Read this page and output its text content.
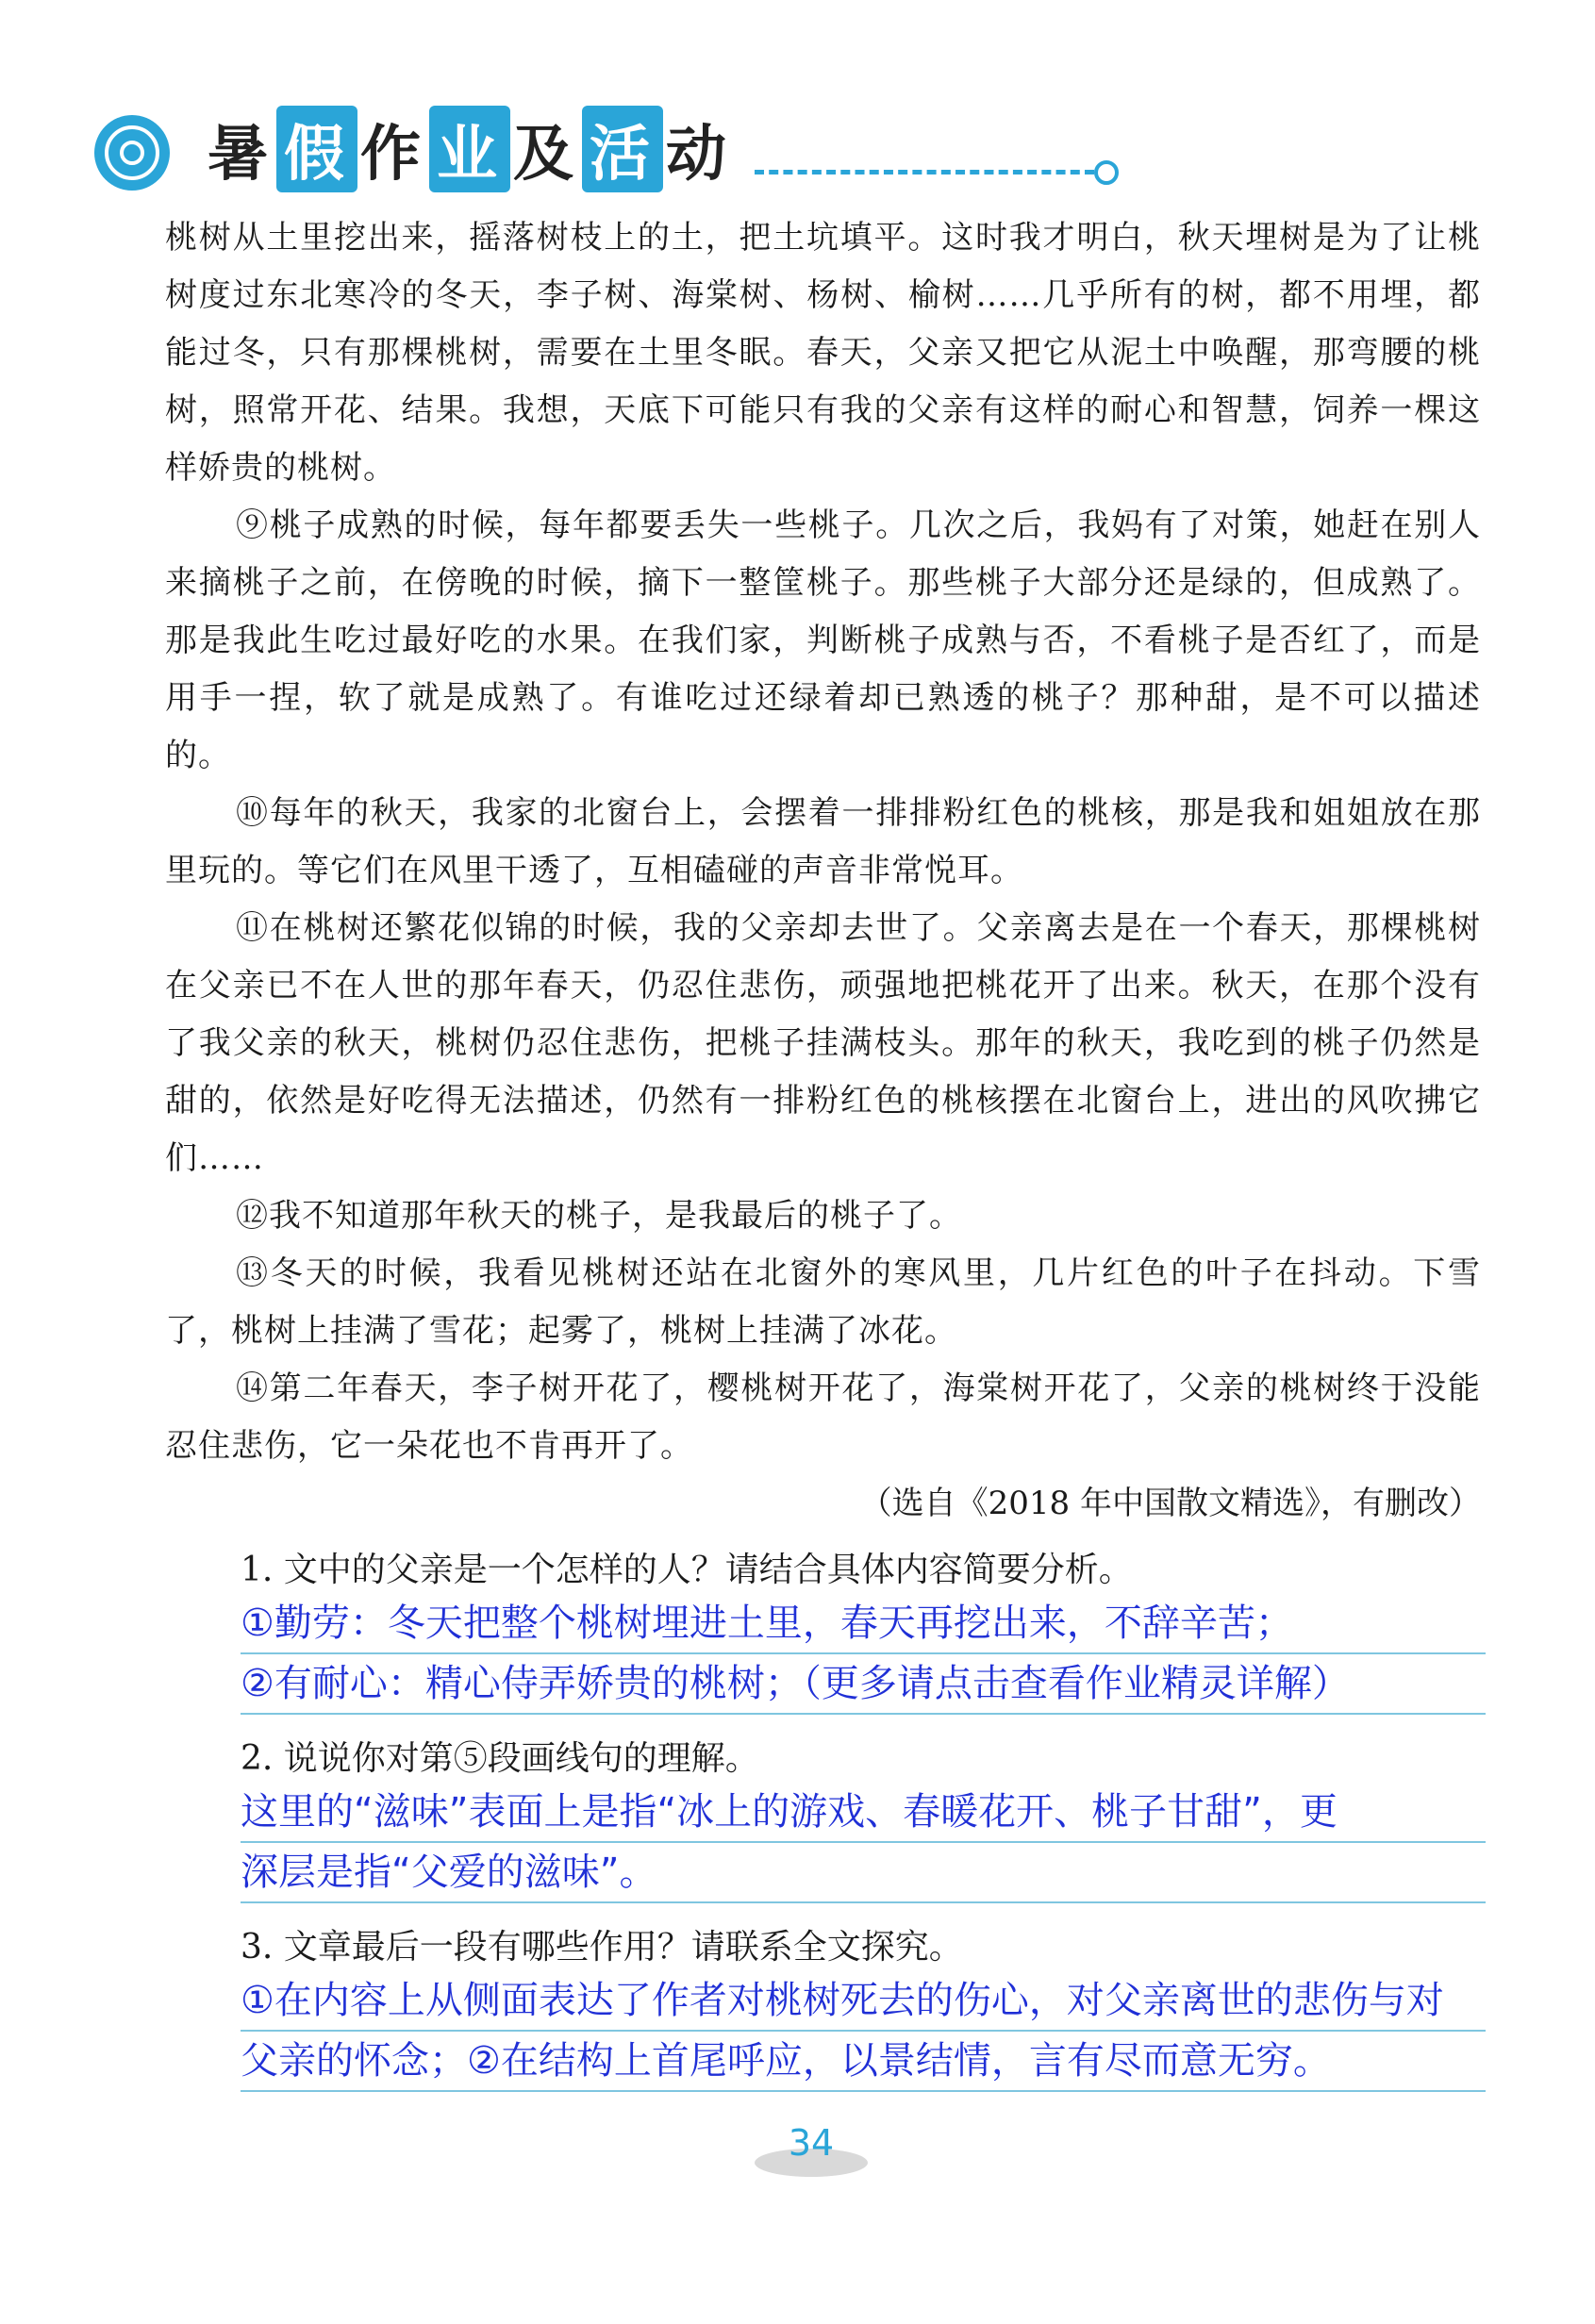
暑 假 作 业 及 活 动

桃树从土里挖出来，摇落树枝上的土，把土坑填平。这时我才明白，秋天埋树是为了让桃树度过东北寒冷的冬天，李子树、海棠树、杨树、榆树……几乎所有的树，都不用埋，都能过冬，只有那棵桃树，需要在土里冬眠。春天，父亲又把它从泥土中唤醒，那弯腰的桃树，照常开花、结果。我想，天底下可能只有我的父亲有这样的耐心和智慧，饲养一棵这样娇贵的桃树。

⑨桃子成熟的时候，每年都要丢失一些桃子。几次之后，我妈有了对策，她赶在别人来摘桃子之前，在傍晚的时候，摘下一整筐桃子。那些桃子大部分还是绿的，但成熟了。那是我此生吃过最好吃的水果。在我们家，判断桃子成熟与否，不看桃子是否红了，而是用手一捏，软了就是成熟了。有谁吃过还绿着却已熟透的桃子？那种甜，是不可以描述的。

⑩每年的秋天，我家的北窗台上，会摆着一排排粉红色的桃核，那是我和姐姐放在那里玩的。等它们在风里干透了，互相磕碰的声音非常悦耳。

⑪在桃树还繁花似锦的时候，我的父亲却去世了。父亲离去是在一个春天，那棵桃树在父亲已不在人世的那年春天，仍忍住悲伤，顽强地把桃花开了出来。秋天，在那个没有了我父亲的秋天，桃树仍忍住悲伤，把桃子挂满枝头。那年的秋天，我吃到的桃子仍然是甜的，依然是好吃得无法描述，仍然有一排粉红色的桃核摆在北窗台上，进出的风吹拂它们……

⑫我不知道那年秋天的桃子，是我最后的桃子了。

⑬冬天的时候，我看见桃树还站在北窗外的寒风里，几片红色的叶子在抖动。下雪了，桃树上挂满了雪花；起雾了，桃树上挂满了冰花。

⑭第二年春天，李子树开花了，樱桃树开花了，海棠树开花了，父亲的桃树终于没能忍住悲伤，它一朵花也不肯再开了。

（选自《2018 年中国散文精选》，有删改）

1. 文中的父亲是一个怎样的人？请结合具体内容简要分析。

①勤劳：冬天把整个桃树埋进土里，春天再挖出来，不辞辛苦；

②有耐心：精心侍弄娇贵的桃树；（更多请点击查看作业精灵详解）

2. 说说你对第⑤段画线句的理解。

这里的“滋味”表面上是指“冰上的游戏、春暖花开、桃子甘甜”，更

深层是指“父爱的滋味”。

3. 文章最后一段有哪些作用？请联系全文探究。

①在内容上从侧面表达了作者对桃树死去的伤心，对父亲离世的悲伤与对

父亲的怀念；②在结构上首尾呼应，以景结情，言有尽而意无穷。

34
